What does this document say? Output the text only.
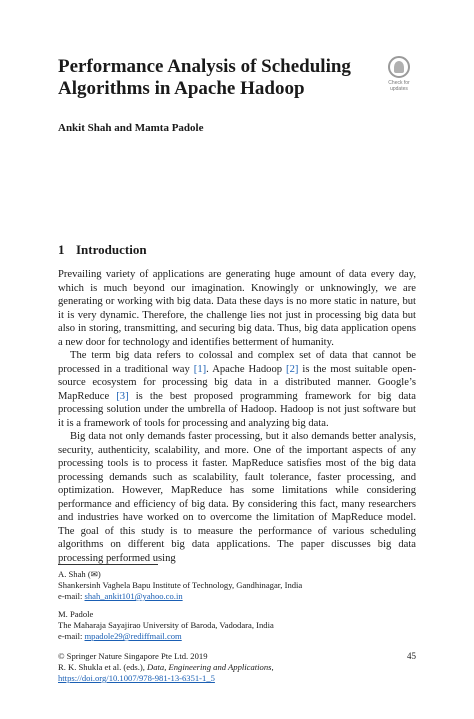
Performance Analysis of Scheduling Algorithms in Apache Hadoop	Check for
updates
Ankit Shah and Mamta Padole
1 Introduction

Prevailing variety of applications are generating huge amount of data every day, which is much beyond our imagination. Knowingly or unknowingly, we are generating or working with big data. Data these days is no more static in nature, but it is very dynamic. Therefore, the challenge lies not just in processing big data but also in storing, transmitting, and securing big data. Thus, big data application opens a new door for technology and identifies betterment of humanity.

The term big data refers to colossal and complex set of data that cannot be processed in a traditional way [1]. Apache Hadoop [2] is the most suitable open-source ecosystem for processing big data in a distributed manner. Google’s MapReduce [3] is the best proposed programming framework for big data processing solution under the umbrella of Hadoop. Hadoop is not just software but it is a framework of tools for processing and analyzing big data.

Big data not only demands faster processing, but it also demands better analysis, security, authenticity, scalability, and more. One of the important aspects of any processing tools is to process it faster. MapReduce satisfies most of the big data processing demands such as scalability, fault tolerance, faster processing, and optimization. However, MapReduce has some limitations while considering performance and efficiency of big data. By considering this fact, many researchers and industries have worked on to overcome the limitation of MapReduce model. The goal of this study is to measure the performance of various scheduling algorithms on different big data applications. The paper discusses big data processing performed using

A. Shah (✉)
Shankersinh Vaghela Bapu Institute of Technology, Gandhinagar, India
e-mail: shah_ankit101@yahoo.co.in
M. Padole
The Maharaja Sayajirao University of Baroda, Vadodara, India
e-mail: mpadole29@rediffmail.com
© Springer Nature Singapore Pte Ltd. 2019
R. K. Shukla et al. (eds.), Data, Engineering and Applications,
https://doi.org/10.1007/978-981-13-6351-1_5
45
